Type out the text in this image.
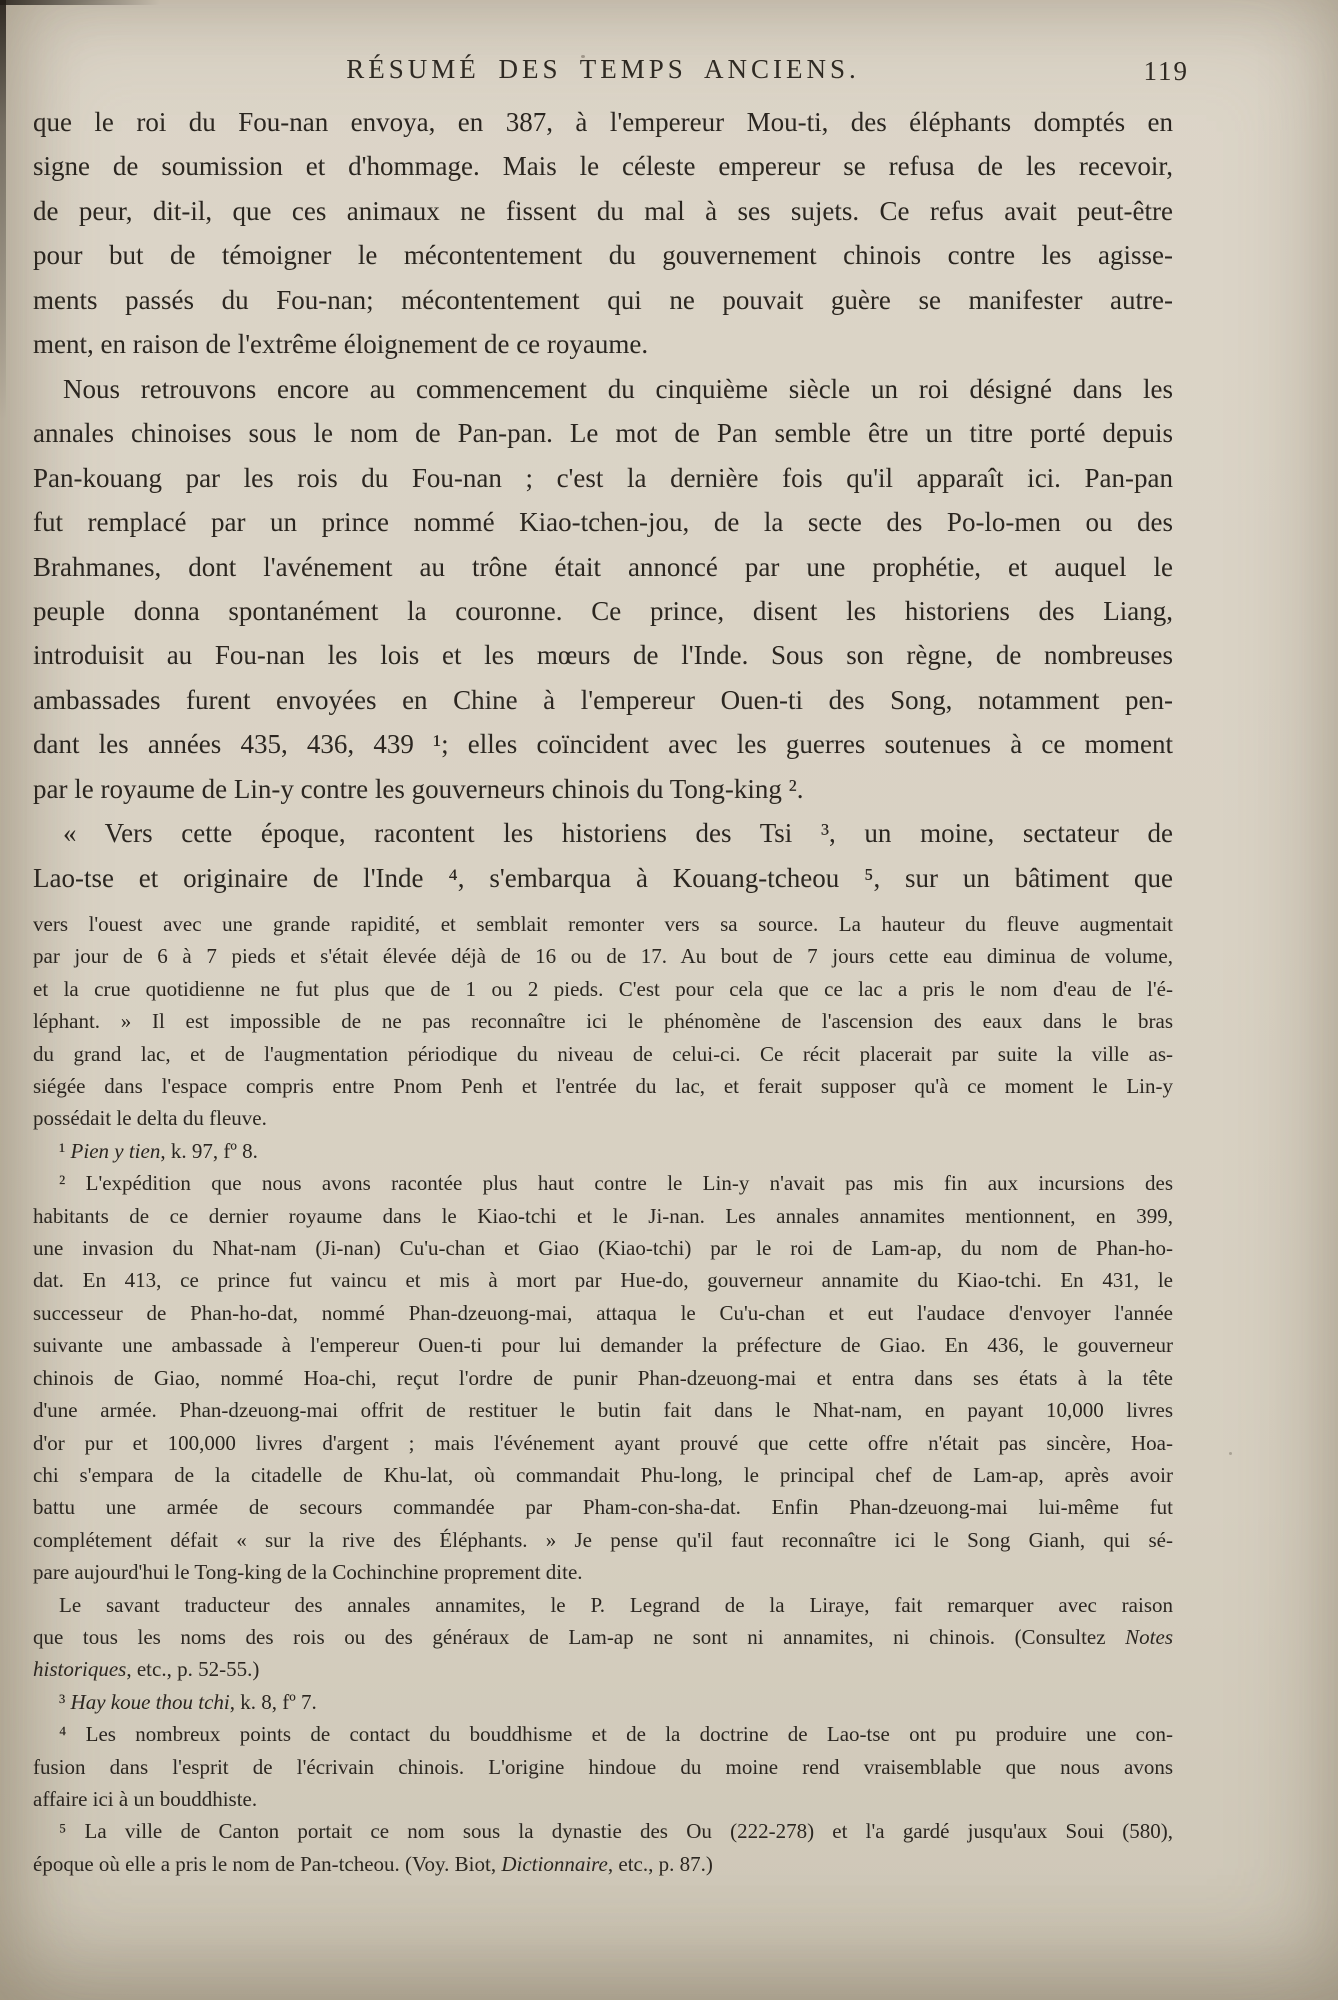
RÉSUMÉ DES TEMPS ANCIENS.	119
que le roi du Fou-nan envoya, en 387, à l'empereur Mou-ti, des éléphants domptés en
signe de soumission et d'hommage. Mais le céleste empereur se refusa de les recevoir,
de peur, dit-il, que ces animaux ne fissent du mal à ses sujets. Ce refus avait peut-être
pour but de témoigner le mécontentement du gouvernement chinois contre les agisse-
ments passés du Fou-nan; mécontentement qui ne pouvait guère se manifester autre-
ment, en raison de l'extrême éloignement de ce royaume.
Nous retrouvons encore au commencement du cinquième siècle un roi désigné dans les
annales chinoises sous le nom de Pan-pan. Le mot de Pan semble être un titre porté depuis
Pan-kouang par les rois du Fou-nan ; c'est la dernière fois qu'il apparaît ici. Pan-pan
fut remplacé par un prince nommé Kiao-tchen-jou, de la secte des Po-lo-men ou des
Brahmanes, dont l'avénement au trône était annoncé par une prophétie, et auquel le
peuple donna spontanément la couronne. Ce prince, disent les historiens des Liang,
introduisit au Fou-nan les lois et les mœurs de l'Inde. Sous son règne, de nombreuses
ambassades furent envoyées en Chine à l'empereur Ouen-ti des Song, notamment pen-
dant les années 435, 436, 439 ¹; elles coïncident avec les guerres soutenues à ce moment
par le royaume de Lin-y contre les gouverneurs chinois du Tong-king ².
« Vers cette époque, racontent les historiens des Tsi ³, un moine, sectateur de
Lao-tse et originaire de l'Inde ⁴, s'embarqua à Kouang-tcheou ⁵, sur un bâtiment que
vers l'ouest avec une grande rapidité, et semblait remonter vers sa source. La hauteur du fleuve augmentait
par jour de 6 à 7 pieds et s'était élevée déjà de 16 ou de 17. Au bout de 7 jours cette eau diminua de volume,
et la crue quotidienne ne fut plus que de 1 ou 2 pieds. C'est pour cela que ce lac a pris le nom d'eau de l'é-
léphant. » Il est impossible de ne pas reconnaître ici le phénomène de l'ascension des eaux dans le bras
du grand lac, et de l'augmentation périodique du niveau de celui-ci. Ce récit placerait par suite la ville as-
siégée dans l'espace compris entre Pnom Penh et l'entrée du lac, et ferait supposer qu'à ce moment le Lin-y
possédait le delta du fleuve.
¹ Pien y tien, k. 97, fº 8.
² L'expédition que nous avons racontée plus haut contre le Lin-y n'avait pas mis fin aux incursions des
habitants de ce dernier royaume dans le Kiao-tchi et le Ji-nan. Les annales annamites mentionnent, en 399,
une invasion du Nhat-nam (Ji-nan) Cu'u-chan et Giao (Kiao-tchi) par le roi de Lam-ap, du nom de Phan-ho-
dat. En 413, ce prince fut vaincu et mis à mort par Hue-do, gouverneur annamite du Kiao-tchi. En 431, le
successeur de Phan-ho-dat, nommé Phan-dzeuong-mai, attaqua le Cu'u-chan et eut l'audace d'envoyer l'année
suivante une ambassade à l'empereur Ouen-ti pour lui demander la préfecture de Giao. En 436, le gouverneur
chinois de Giao, nommé Hoa-chi, reçut l'ordre de punir Phan-dzeuong-mai et entra dans ses états à la tête
d'une armée. Phan-dzeuong-mai offrit de restituer le butin fait dans le Nhat-nam, en payant 10,000 livres
d'or pur et 100,000 livres d'argent ; mais l'événement ayant prouvé que cette offre n'était pas sincère, Hoa-
chi s'empara de la citadelle de Khu-lat, où commandait Phu-long, le principal chef de Lam-ap, après avoir
battu une armée de secours commandée par Pham-con-sha-dat. Enfin Phan-dzeuong-mai lui-même fut
complétement défait « sur la rive des Éléphants. » Je pense qu'il faut reconnaître ici le Song Gianh, qui sé-
pare aujourd'hui le Tong-king de la Cochinchine proprement dite.
Le savant traducteur des annales annamites, le P. Legrand de la Liraye, fait remarquer avec raison
que tous les noms des rois ou des généraux de Lam-ap ne sont ni annamites, ni chinois. (Consultez Notes
historiques, etc., p. 52-55.)
³ Hay koue thou tchi, k. 8, fº 7.
⁴ Les nombreux points de contact du bouddhisme et de la doctrine de Lao-tse ont pu produire une con-
fusion dans l'esprit de l'écrivain chinois. L'origine hindoue du moine rend vraisemblable que nous avons
affaire ici à un bouddhiste.
⁵ La ville de Canton portait ce nom sous la dynastie des Ou (222-278) et l'a gardé jusqu'aux Soui (580),
époque où elle a pris le nom de Pan-tcheou. (Voy. Biot, Dictionnaire, etc., p. 87.)
